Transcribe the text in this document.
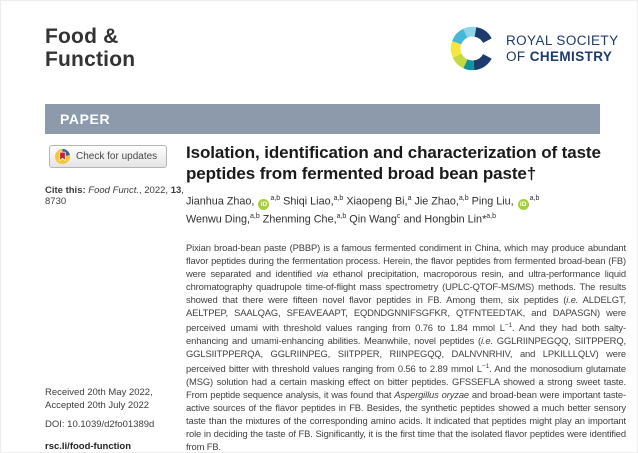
Food &
Function
ROYAL SOCIETY
OF CHEMISTRY
PAPER
Check for updates
Cite this: Food Funct., 2022, 13, 8730
Received 20th May 2022,
Accepted 20th July 2022
DOI: 10.1039/d2fo01389d
rsc.li/food-function
Isolation, identification and characterization of taste peptides from fermented broad bean paste†
Jianhua Zhao, iD$^{a,b}$ Shiqi Liao,$^{a,b}$ Xiaopeng Bi,$^a$ Jie Zhao,$^{a,b}$ Ping Liu, iD$^{a,b}$
Wenwu Ding,$^{a,b}$ Zhenming Che,$^{a,b}$ Qin Wang$^c$ and Hongbin Lin*$^{a,b}$

Pixian broad-bean paste (PBBP) is a famous fermented condiment in China, which may produce abundant flavor peptides during the fermentation process. Herein, the flavor peptides from fermented broad-bean (FB) were separated and identified via ethanol precipitation, macroporous resin, and ultra-performance liquid chromatography quadrupole time-of-flight mass spectrometry (UPLC-QTOF-MS/MS) methods. The results showed that there were fifteen novel flavor peptides in FB. Among them, six peptides (i.e. ALDELGT, AELTPEP, SAALQAG, SFEAVEAAPT, EQDNDGNNIFSGFKR, QTFNTEEDTAK, and DAPASGN) were perceived umami with threshold values ranging from 0.76 to 1.84 mmol $L^{-1}$. And they had both salty-enhancing and umami-enhancing abilities. Meanwhile, novel peptides (i.e. GGLRIINPEGQQ, SIITPPERQ, GGLSIITPPERQA, GGLRIINPEG, SIITPPER, RIINPEGQQ, DALNVNRHIV, and LPKILLLQLV) were perceived bitter with threshold values ranging from 0.56 to 2.89 mmol $L^{-1}$. And the monosodium glutamate (MSG) solution had a certain masking effect on bitter peptides. GFSSEFLA showed a strong sweet taste. From peptide sequence analysis, it was found that Aspergillus oryzae and broad-bean were important taste-active sources of the flavor peptides in FB. Besides, the synthetic peptides showed a much better sensory taste than the mixtures of the corresponding amino acids. It indicated that peptides might play an important role in deciding the taste of FB. Significantly, it is the first time that the isolated flavor peptides were identified from FB.
